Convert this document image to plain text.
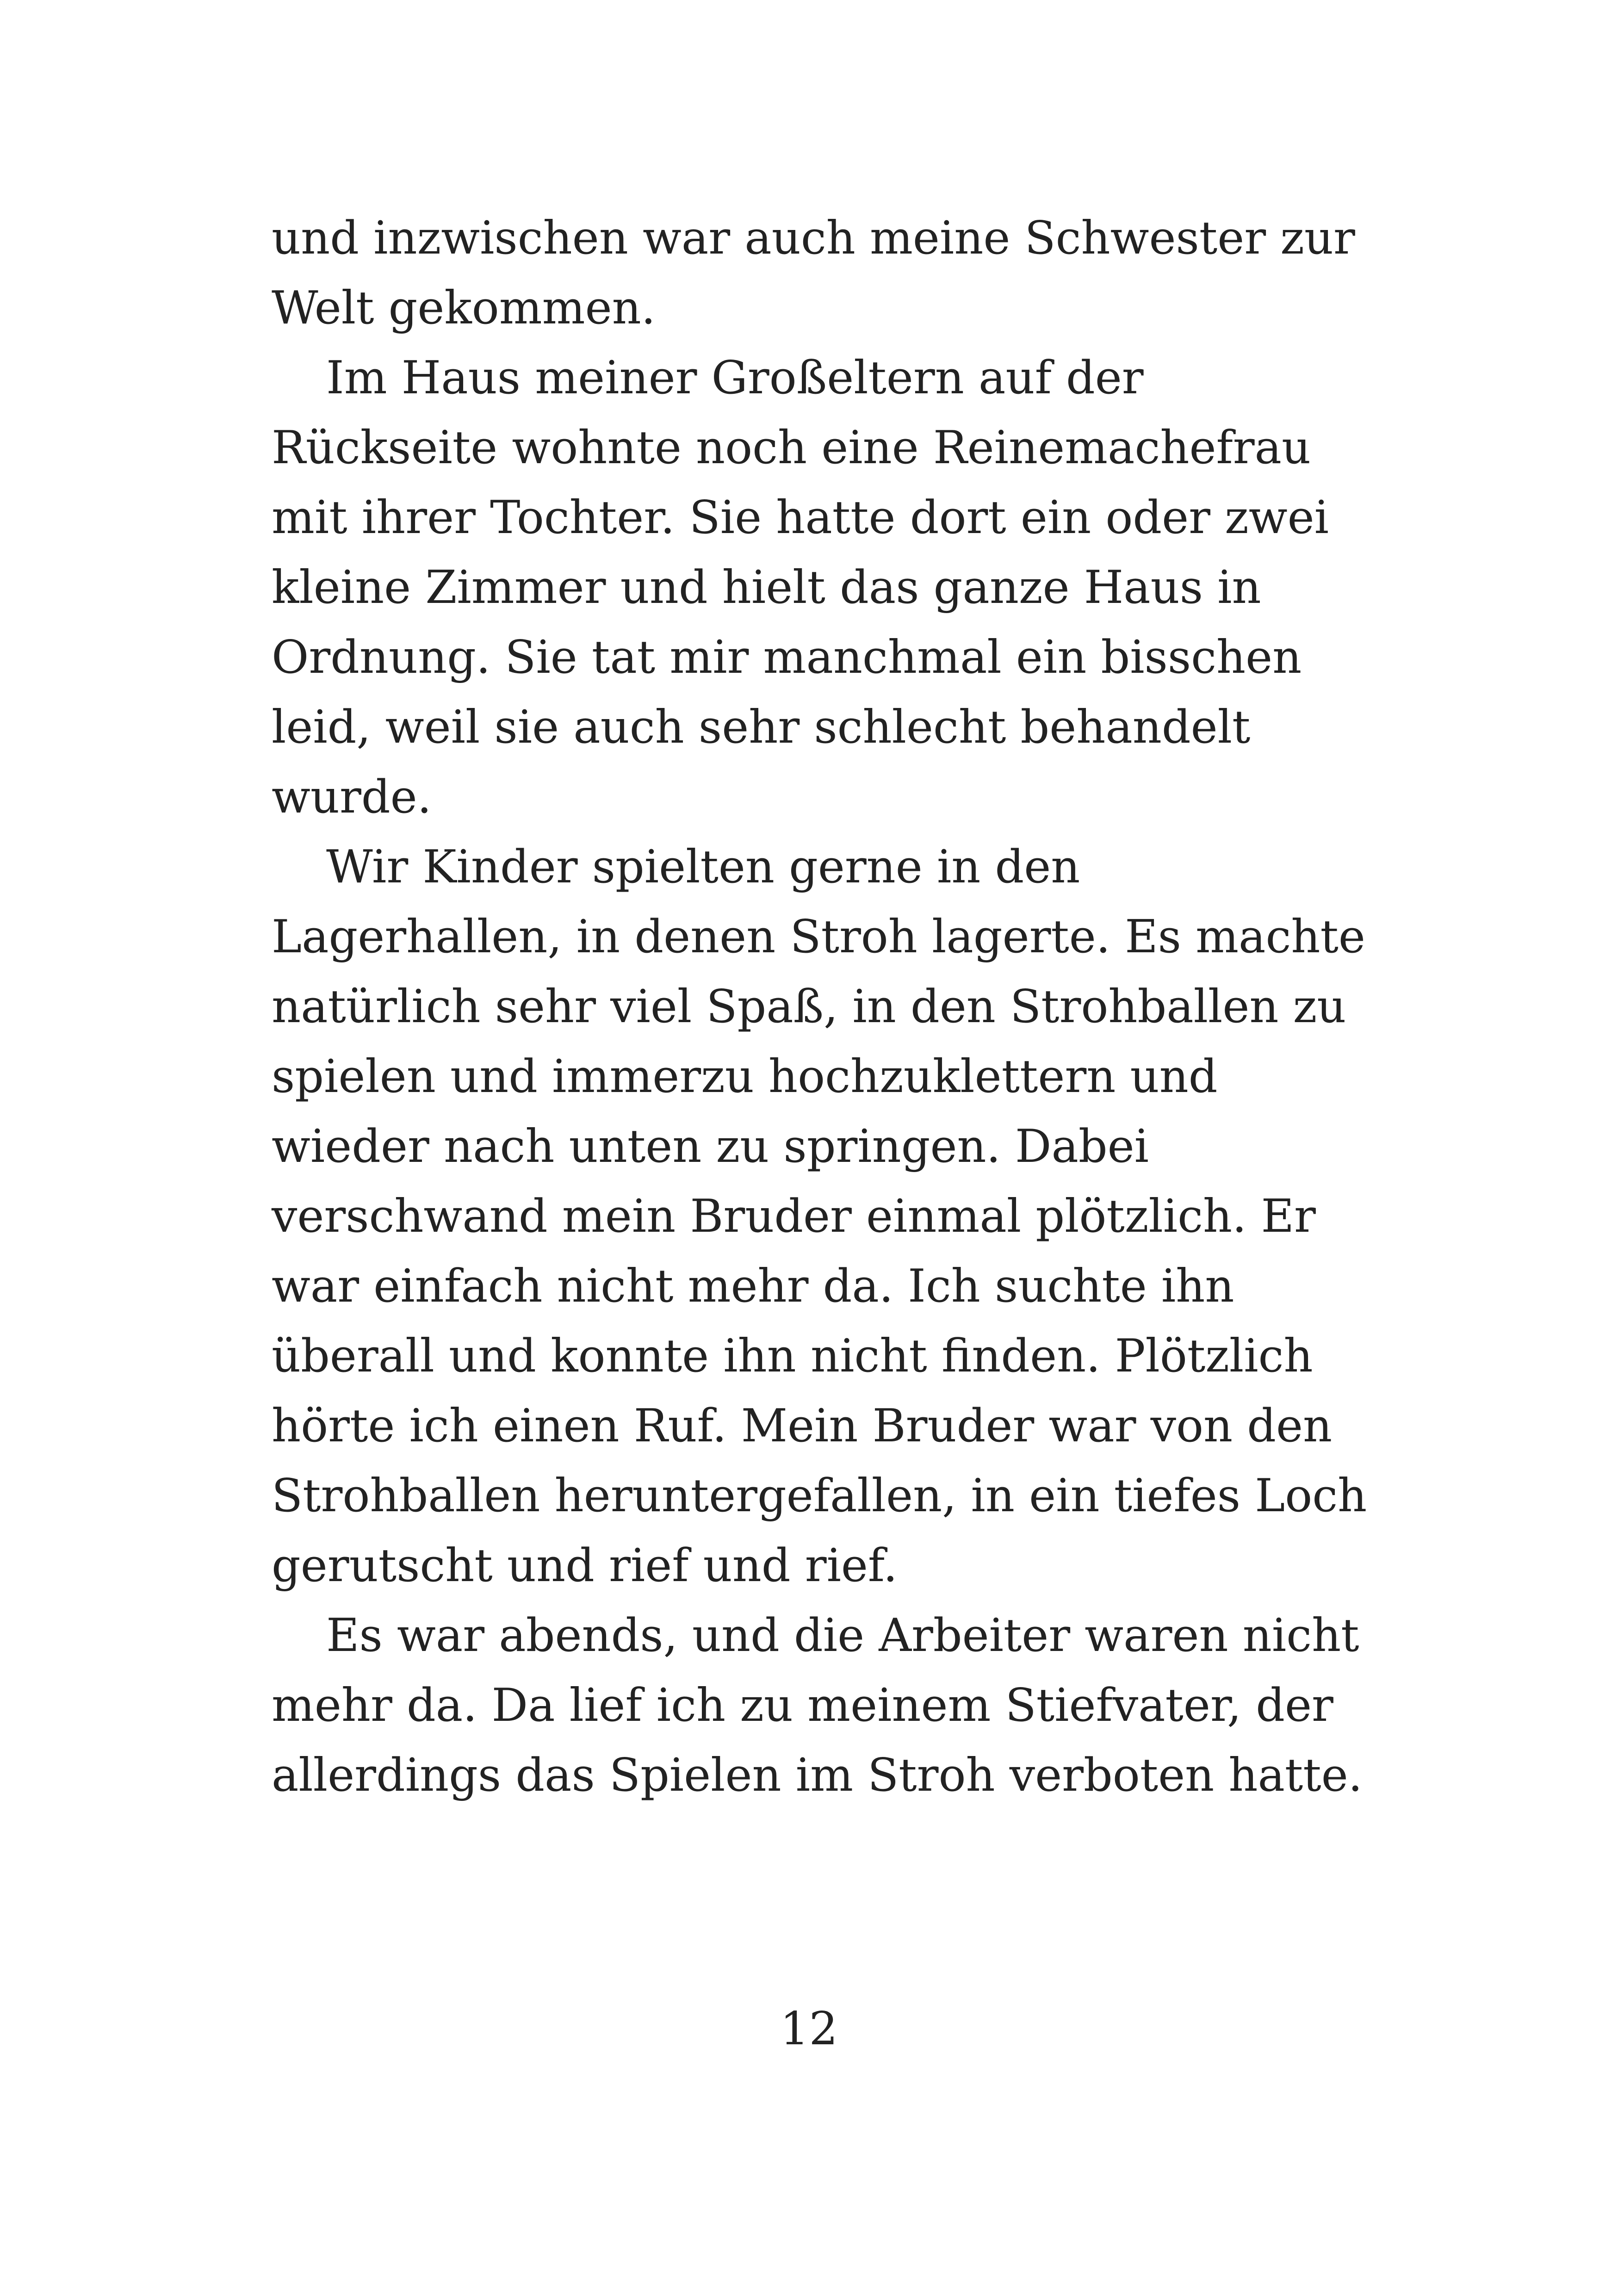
und inzwischen war auch meine Schwester zur
Welt gekommen.
Im Haus meiner Großeltern auf der
Rückseite wohnte noch eine Reinemachefrau
mit ihrer Tochter. Sie hatte dort ein oder zwei
kleine Zimmer und hielt das ganze Haus in
Ordnung. Sie tat mir manchmal ein bisschen
leid, weil sie auch sehr schlecht behandelt
wurde.
Wir Kinder spielten gerne in den
Lagerhallen, in denen Stroh lagerte. Es machte
natürlich sehr viel Spaß, in den Strohballen zu
spielen und immerzu hochzuklettern und
wieder nach unten zu springen. Dabei
verschwand mein Bruder einmal plötzlich. Er
war einfach nicht mehr da. Ich suchte ihn
überall und konnte ihn nicht finden. Plötzlich
hörte ich einen Ruf. Mein Bruder war von den
Strohballen heruntergefallen, in ein tiefes Loch
gerutscht und rief und rief.
Es war abends, und die Arbeiter waren nicht
mehr da. Da lief ich zu meinem Stiefvater, der
allerdings das Spielen im Stroh verboten hatte.
12
